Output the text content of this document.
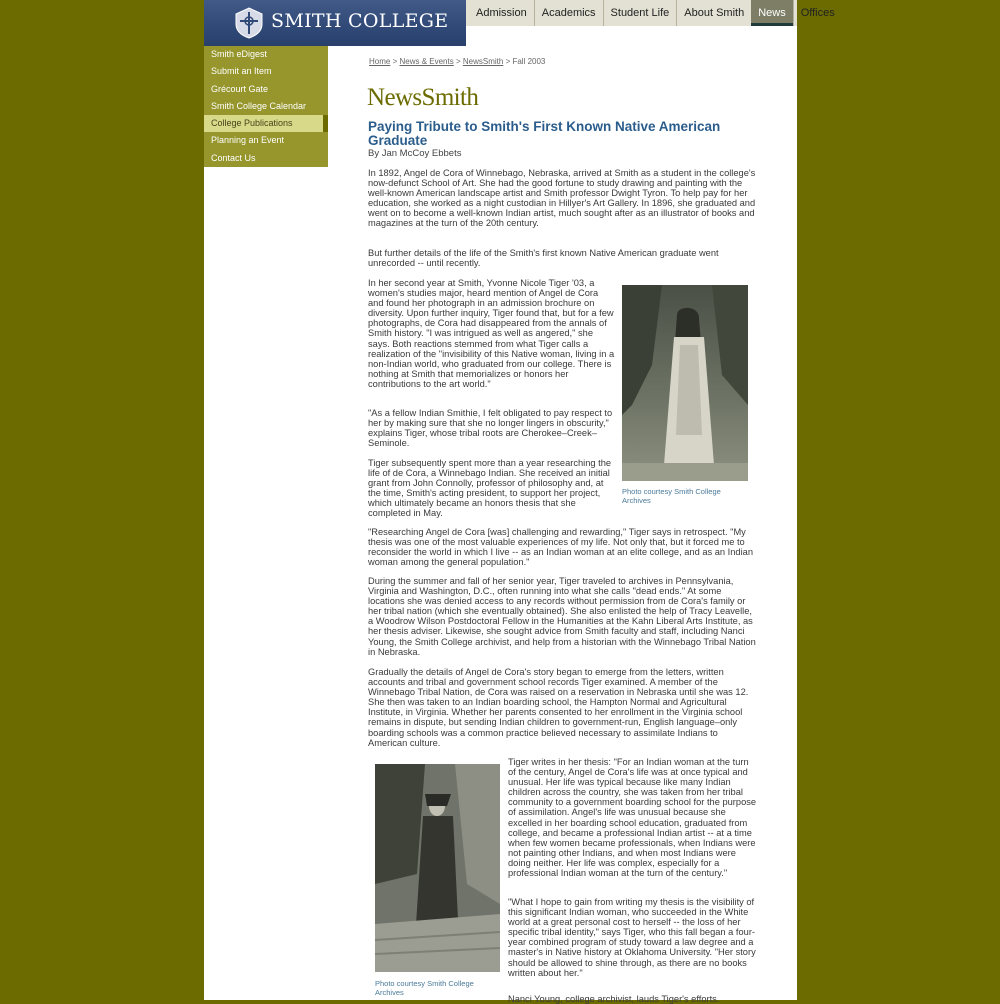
SMITH COLLEGE	Admission	Academics	Student Life	About Smith	News	Offices
Smith eDigest
Submit an Item
Grécourt Gate
Smith College Calendar
College Publications
Planning an Event
Contact Us
Home > News & Events > NewsSmith > Fall 2003
NewsSmith
Paying Tribute to Smith's First Known Native American Graduate
By Jan McCoy Ebbets

In 1892, Angel de Cora of Winnebago, Nebraska, arrived at Smith as a student in the college's now-defunct School of Art. She had the good fortune to study drawing and painting with the well-known American landscape artist and Smith professor Dwight Tyron. To help pay for her education, she worked as a night custodian in Hillyer's Art Gallery. In 1896, she graduated and went on to become a well-known Indian artist, much sought after as an illustrator of books and magazines at the turn of the 20th century.

But further details of the life of the Smith's first known Native American graduate went unrecorded -- until recently.

In her second year at Smith, Yvonne Nicole Tiger '03, a women's studies major, heard mention of Angel de Cora and found her photograph in an admission brochure on diversity. Upon further inquiry, Tiger found that, but for a few photographs, de Cora had disappeared from the annals of Smith history. "I was intrigued as well as angered," she says. Both reactions stemmed from what Tiger calls a realization of the "invisibility of this Native woman, living in a non-Indian world, who graduated from our college. There is nothing at Smith that memorializes or honors her contributions to the art world."

"As a fellow Indian Smithie, I felt obligated to pay respect to her by making sure that she no longer lingers in obscurity," explains Tiger, whose tribal roots are Cherokee–Creek–Seminole.

Tiger subsequently spent more than a year researching the life of de Cora, a Winnebago Indian. She received an initial grant from John Connolly, professor of philosophy and, at the time, Smith's acting president, to support her project, which ultimately became an honors thesis that she completed in May.

"Researching Angel de Cora [was] challenging and rewarding," Tiger says in retrospect. "My thesis was one of the most valuable experiences of my life. Not only that, but it forced me to reconsider the world in which I live -- as an Indian woman at an elite college, and as an Indian woman among the general population."

During the summer and fall of her senior year, Tiger traveled to archives in Pennsylvania, Virginia and Washington, D.C., often running into what she calls "dead ends." At some locations she was denied access to any records without permission from de Cora's family or her tribal nation (which she eventually obtained). She also enlisted the help of Tracy Leavelle, a Woodrow Wilson Postdoctoral Fellow in the Humanities at the Kahn Liberal Arts Institute, as her thesis adviser. Likewise, she sought advice from Smith faculty and staff, including Nanci Young, the Smith College archivist, and help from a historian with the Winnebago Tribal Nation in Nebraska.

Gradually the details of Angel de Cora's story began to emerge from the letters, written accounts and tribal and government school records Tiger examined. A member of the Winnebago Tribal Nation, de Cora was raised on a reservation in Nebraska until she was 12. She then was taken to an Indian boarding school, the Hampton Normal and Agricultural Institute, in Virginia. Whether her parents consented to her enrollment in the Virginia school remains in dispute, but sending Indian children to government-run, English language–only boarding schools was a common practice believed necessary to assimilate Indians to American culture.

Tiger writes in her thesis: "For an Indian woman at the turn of the century, Angel de Cora's life was at once typical and unusual. Her life was typical because like many Indian children across the country, she was taken from her tribal community to a government boarding school for the purpose of assimilation. Angel's life was unusual because she excelled in her boarding school education, graduated from college, and became a professional Indian artist -- at a time when few women became professionals, when Indians were not painting other Indians, and when most Indians were doing neither. Her life was complex, especially for a professional Indian woman at the turn of the century."

"What I hope to gain from writing my thesis is the visibility of this significant Indian woman, who succeeded in the White world at a great personal cost to herself -- the loss of her specific tribal identity," says Tiger, who this fall began a four-year combined program of study toward a law degree and a master's in Native history at Oklahoma University. "Her story should be allowed to shine through, as there are no books written about her."

Nanci Young, college archivist, lauds Tiger's efforts.

Photo courtesy Smith College Archives
Photo courtesy Smith College Archives
